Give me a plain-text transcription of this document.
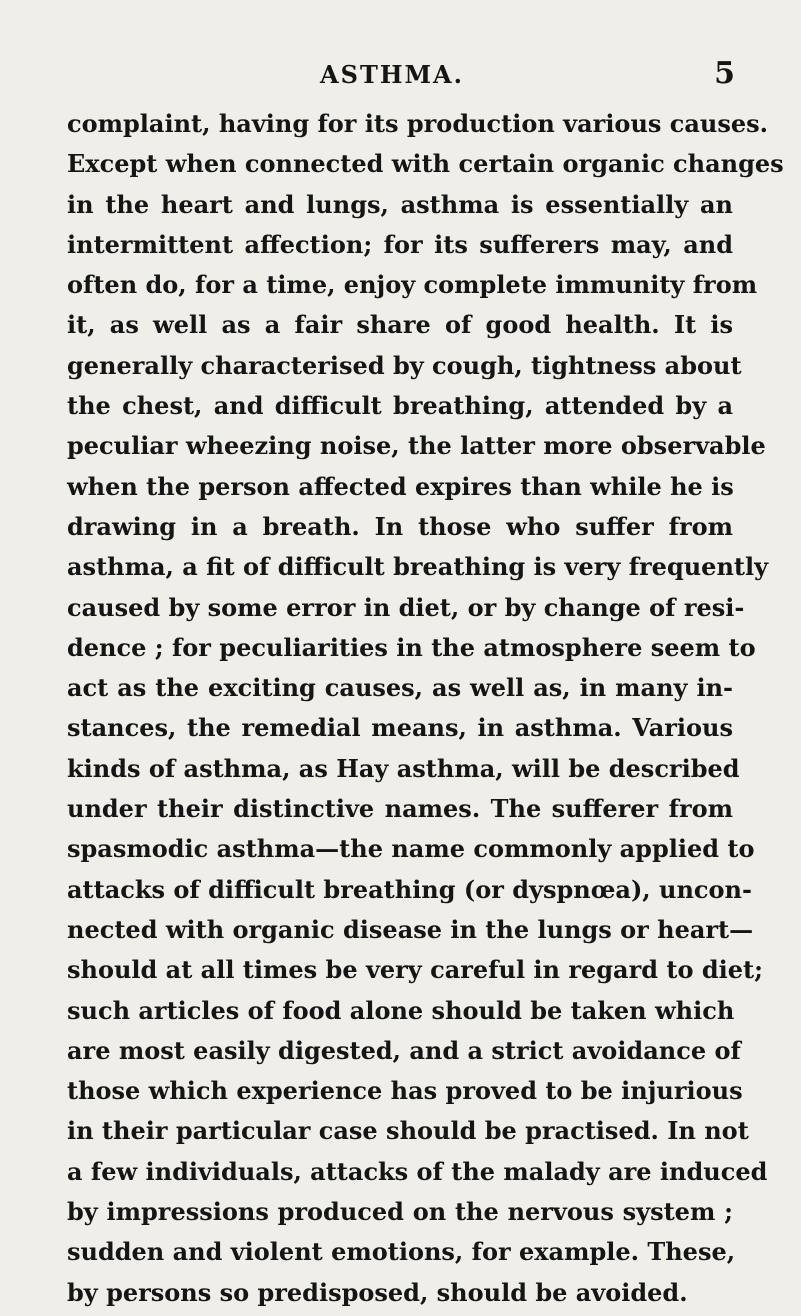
ASTHMA.	5
complaint, having for its production various causes.
Except when connected with certain organic changes
in the heart and lungs, asthma is essentially an
intermittent affection; for its sufferers may, and
often do, for a time, enjoy complete immunity from
it, as well as a fair share of good health. It is
generally characterised by cough, tightness about
the chest, and difficult breathing, attended by a
peculiar wheezing noise, the latter more observable
when the person affected expires than while he is
drawing in a breath. In those who suffer from
asthma, a fit of difficult breathing is very frequently
caused by some error in diet, or by change of resi-
dence ; for peculiarities in the atmosphere seem to
act as the exciting causes, as well as, in many in-
stances, the remedial means, in asthma. Various
kinds of asthma, as Hay asthma, will be described
under their distinctive names. The sufferer from
spasmodic asthma—the name commonly applied to
attacks of difficult breathing (or dyspnœa), uncon-
nected with organic disease in the lungs or heart—
should at all times be very careful in regard to diet;
such articles of food alone should be taken which
are most easily digested, and a strict avoidance of
those which experience has proved to be injurious
in their particular case should be practised. In not
a few individuals, attacks of the malady are induced
by impressions produced on the nervous system ;
sudden and violent emotions, for example. These,
by persons so predisposed, should be avoided.
